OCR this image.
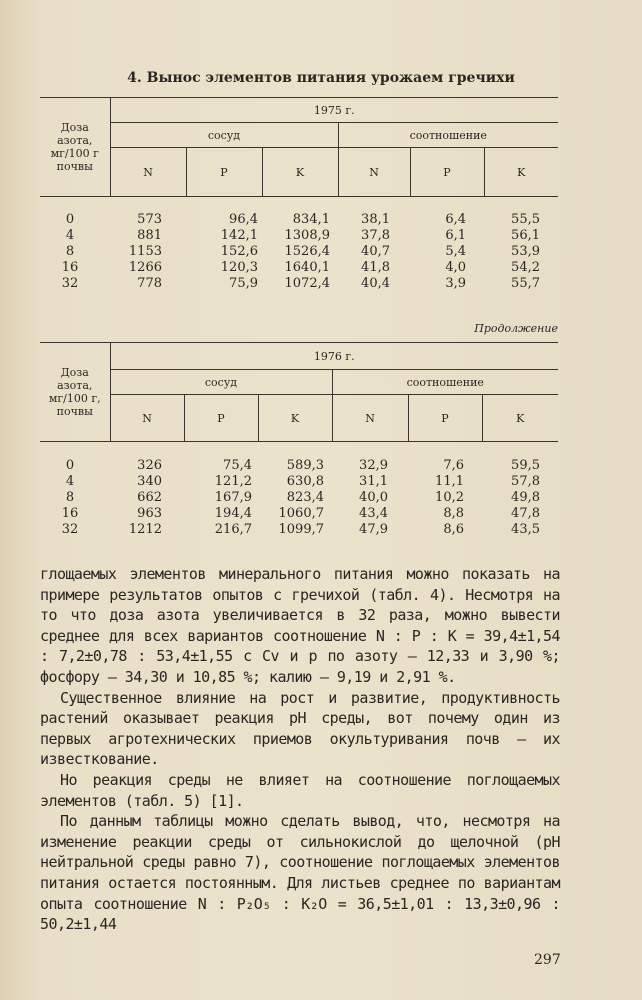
4. Вынос элементов питания урожаем гречихи
Доза
азота,
мг/100 г
почвы	1975 г.					
	сосуд			соотношение		
	N	P	K	N	P	K

0	573	96,4	834,1	38,1	6,4	55,5
4	881	142,1	1308,9	37,8	6,1	56,1
8	1153	152,6	1526,4	40,7	5,4	53,9
16	1266	120,3	1640,1	41,8	4,0	54,2
32	778	75,9	1072,4	40,4	3,9	55,7
Продолжение
Доза
азота,
мг/100 г,
почвы	1976 г.					
	сосуд			соотношение		
	N	P	K	N	P	K

0	326	75,4	589,3	32,9	7,6	59,5
4	340	121,2	630,8	31,1	11,1	57,8
8	662	167,9	823,4	40,0	10,2	49,8
16	963	194,4	1060,7	43,4	8,8	47,8
32	1212	216,7	1099,7	47,9	8,6	43,5

глощаемых элементов минерального питания можно показать на примере результатов опытов с гречихой (табл. 4). Несмотря на то что доза азота увеличивается в 32 раза, можно вывести среднее для всех вариантов соотношение N : P : K = 39,4±1,54 : 7,2±0,78 : 53,4±1,55 с Cv и p по азоту — 12,33 и 3,90 %; фосфору — 34,30 и 10,85 %; калию — 9,19 и 2,91 %.

Существенное влияние на рост и развитие, продуктивность растений оказывает реакция pH среды, вот почему один из первых агротехнических приемов окультуривания почв — их известкование.

Но реакция среды не влияет на соотношение поглощаемых элементов (табл. 5) [1].

По данным таблицы можно сделать вывод, что, несмотря на изменение реакции среды от сильнокислой до щелочной (pH нейтральной среды равно 7), соотношение поглощаемых элементов питания остается постоянным. Для листьев среднее по вариантам опыта соотношение N : P₂O₅ : K₂O = 36,5±1,01 : 13,3±0,96 : 50,2±1,44

297
